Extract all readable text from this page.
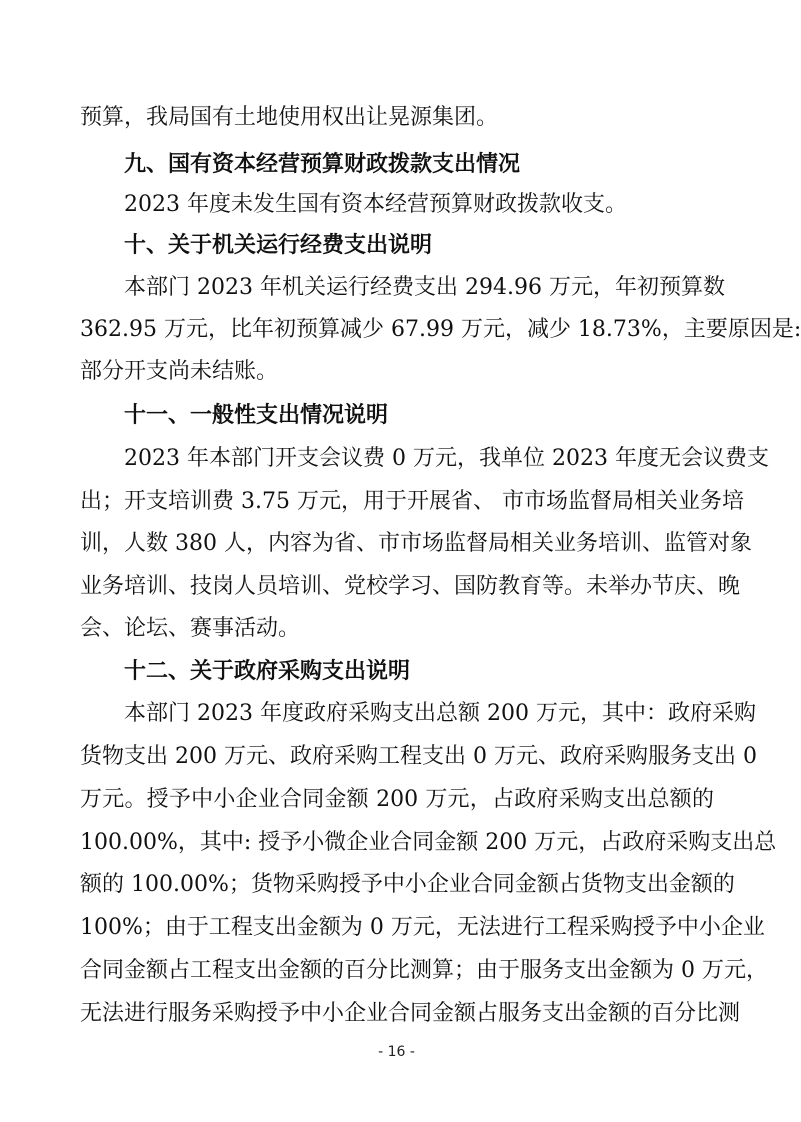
预算，我局国有土地使用权出让晃源集团。
九、国有资本经营预算财政拨款支出情况
2023 年度未发生国有资本经营预算财政拨款收支。
十、关于机关运行经费支出说明
本部门 2023 年机关运行经费支出 294.96 万元，年初预算数
362.95 万元，比年初预算减少 67.99 万元，减少 18.73%，主要原因是:
部分开支尚未结账。
十一、一般性支出情况说明
2023 年本部门开支会议费 0 万元，我单位 2023 年度无会议费支
出；开支培训费 3.75 万元，用于开展省、 市市场监督局相关业务培
训，人数 380 人，内容为省、市市场监督局相关业务培训、监管对象
业务培训、技岗人员培训、党校学习、国防教育等。未举办节庆、晚
会、论坛、赛事活动。
十二、关于政府采购支出说明
本部门 2023 年度政府采购支出总额 200 万元，其中：政府采购
货物支出 200 万元、政府采购工程支出 0 万元、政府采购服务支出 0
万元。授予中小企业合同金额 200 万元，占政府采购支出总额的
100.00%，其中: 授予小微企业合同金额 200 万元，占政府采购支出总
额的 100.00%；货物采购授予中小企业合同金额占货物支出金额的
100%；由于工程支出金额为 0 万元，无法进行工程采购授予中小企业
合同金额占工程支出金额的百分比测算；由于服务支出金额为 0 万元，
无法进行服务采购授予中小企业合同金额占服务支出金额的百分比测
- 16 -
